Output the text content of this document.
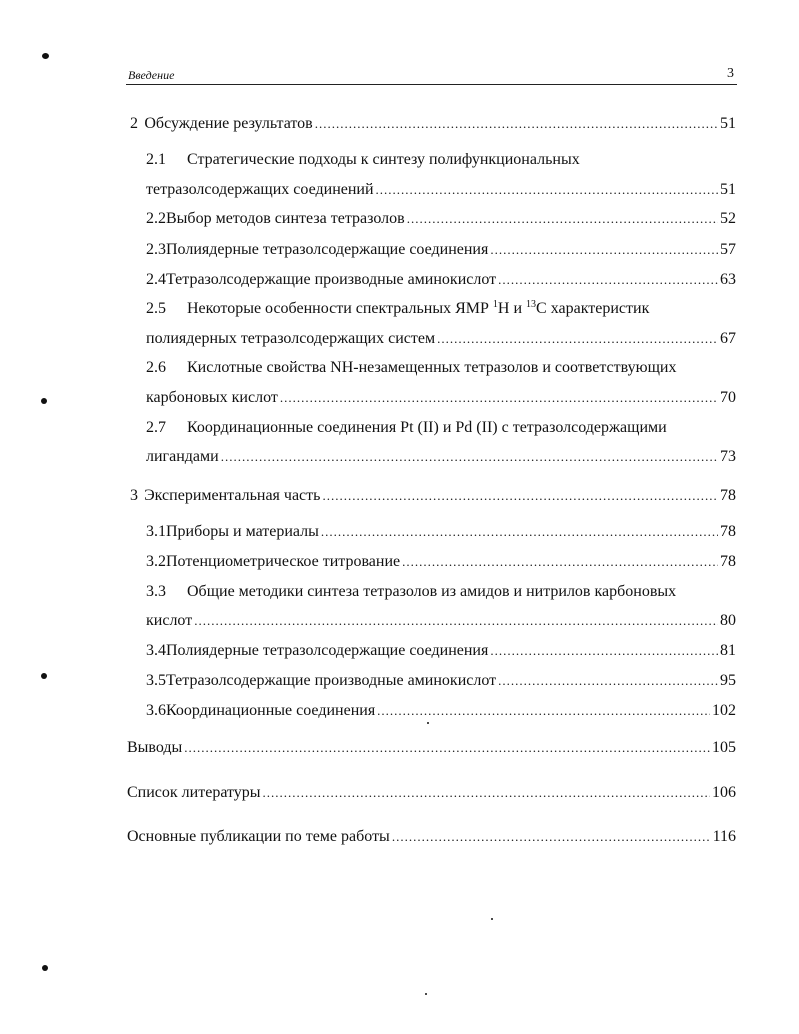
Введение	3
2 Обсуждение результатов .....	51
2.1 Стратегические подходы к синтезу полифункциональных
тетразолсодержащих соединений .....	51
2.2 Выбор методов синтеза тетразолов .....	52
2.3 Полиядерные тетразолсодержащие соединения .....	57
2.4 Тетразолсодержащие производные аминокислот .....	63
2.5 Некоторые особенности спектральных ЯМР $^1$Н и $^{13}$С характеристик
полиядерных тетразолсодержащих систем .....	67
2.6 Кислотные свойства NH-незамещенных тетразолов и соответствующих
карбоновых кислот .....	70
2.7 Координационные соединения Pt (II) и Pd (II) с тетразолсодержащими
лигандами .....	73
3 Экспериментальная часть .....	78
3.1 Приборы и материалы .....	78
3.2 Потенциометрическое титрование .....	78
3.3 Общие методики синтеза тетразолов из амидов и нитрилов карбоновых
кислот .....	80
3.4 Полиядерные тетразолсодержащие соединения .....	81
3.5 Тетразолсодержащие производные аминокислот .....	95
3.6 Координационные соединения .....	102
Выводы .....	105
Список литературы .....	106
Основные публикации по теме работы .....	116
